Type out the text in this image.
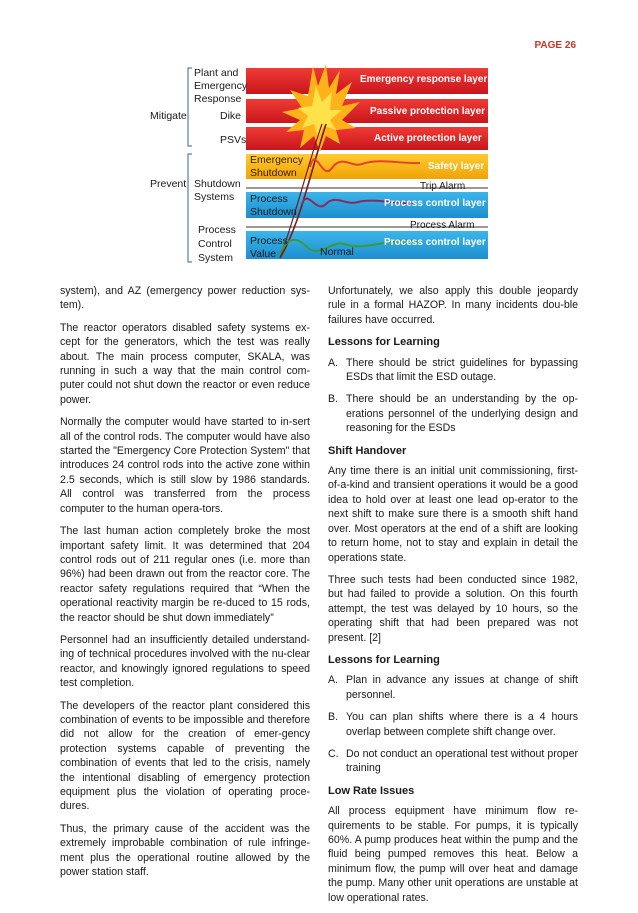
PAGE 26
Mitigate
Prevent
Plant and
Emergency
Response
Dike
PSVs
Shutdown
Systems
Process
Control
System
Emergency response layer
Passive protection layer
Active protection layer
Safety layer
Process control layer
Process control layer
Trip Alarm
Process Alarm
Emergency
Shutdown
Process
Shutdown
Process
Value	Normal

system), and AZ (emergency power reduction sys-tem).

The reactor operators disabled safety systems ex-cept for the generators, which the test was really about. The main process computer, SKALA, was running in such a way that the main control com-puter could not shut down the reactor or even reduce power.

Normally the computer would have started to in-sert all of the control rods. The computer would have also started the "Emergency Core Protection System" that introduces 24 control rods into the active zone within 2.5 seconds, which is still slow by 1986 standards. All control was transferred from the process computer to the human opera-tors.

The last human action completely broke the most important safety limit. It was determined that 204 control rods out of 211 regular ones (i.e. more than 96%) had been drawn out from the reactor core. The reactor safety regulations required that “When the operational reactivity margin be re-duced to 15 rods, the reactor should be shut down immediately”

Personnel had an insufficiently detailed understand-ing of technical procedures involved with the nu-clear reactor, and knowingly ignored regulations to speed test completion.

The developers of the reactor plant considered this combination of events to be impossible and therefore did not allow for the creation of emer-gency protection systems capable of preventing the combination of events that led to the crisis, namely the intentional disabling of emergency protection equipment plus the violation of operating proce-dures.

Thus, the primary cause of the accident was the extremely improbable combination of rule infringe-ment plus the operational routine allowed by the power station staff.

Unfortunately, we also apply this double jeopardy rule in a formal HAZOP. In many incidents dou-ble failures have occurred.

Lessons for Learning
A. There should be strict guidelines for bypassing ESDs that limit the ESD outage.
B. There should be an understanding by the op-erations personnel of the underlying design and reasoning for the ESDs
Shift Handover

Any time there is an initial unit commissioning, first-of-a-kind and transient operations it would be a good idea to hold over at least one lead op-erator to the next shift to make sure there is a smooth shift hand over. Most operators at the end of a shift are looking to return home, not to stay and explain in detail the operations state.

Three such tests had been conducted since 1982, but had failed to provide a solution. On this fourth attempt, the test was delayed by 10 hours, so the operating shift that had been prepared was not present. [2]

Lessons for Learning
A. Plan in advance any issues at change of shift personnel.
B. You can plan shifts where there is a 4 hours overlap between complete shift change over.
C. Do not conduct an operational test without proper training
Low Rate Issues

All process equipment have minimum flow re-quirements to be stable. For pumps, it is typically 60%. A pump produces heat within the pump and the fluid being pumped removes this heat. Below a minimum flow, the pump will over heat and damage the pump. Many other unit operations are unstable at low operational rates.
